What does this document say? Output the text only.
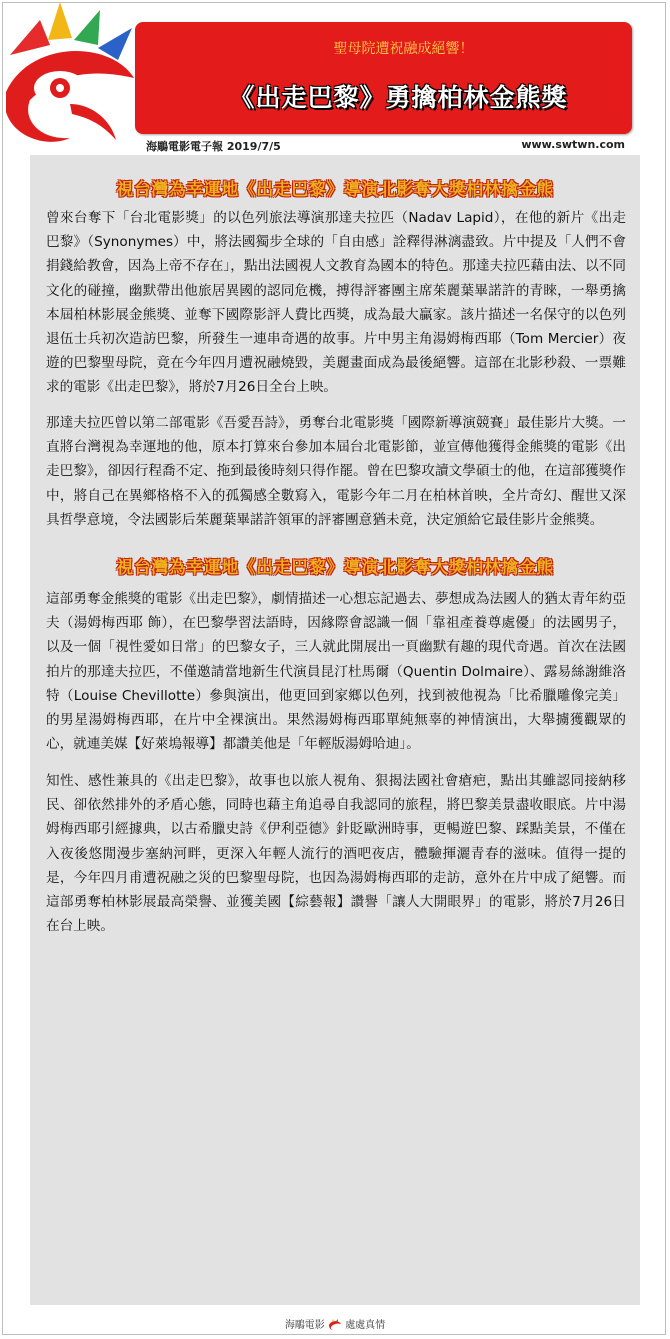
聖母院遭祝融成絕響！
《出走巴黎》勇擒柏林金熊獎
海鵰電影電子報 2019/7/5	www.swtwn.com
視台灣為幸運地《出走巴黎》導演北影奪大獎柏林擒金熊
曾來台奪下「台北電影獎」的以色列旅法導演那達夫拉匹（Nadav Lapid），在他的新片《出走巴黎》（Synonymes）中，將法國獨步全球的「自由感」詮釋得淋漓盡致。片中提及「人們不會捐錢給教會，因為上帝不存在」，點出法國視人文教育為國本的特色。那達夫拉匹藉由法、以不同文化的碰撞，幽默帶出他旅居異國的認同危機，搏得評審團主席茱麗葉畢諾許的青睞，一舉勇擒本屆柏林影展金熊獎、並奪下國際影評人費比西獎，成為最大贏家。該片描述一名保守的以色列退伍士兵初次造訪巴黎，所發生一連串奇遇的故事。片中男主角湯姆梅西耶（Tom Mercier）夜遊的巴黎聖母院，竟在今年四月遭祝融燒毀，美麗畫面成為最後絕響。這部在北影秒殺、一票難求的電影《出走巴黎》，將於7月26日全台上映。
那達夫拉匹曾以第二部電影《吾愛吾詩》，勇奪台北電影獎「國際新導演競賽」最佳影片大獎。一直將台灣視為幸運地的他，原本打算來台參加本屆台北電影節，並宣傳他獲得金熊獎的電影《出走巴黎》，卻因行程喬不定、拖到最後時刻只得作罷。曾在巴黎攻讀文學碩士的他，在這部獲獎作中，將自己在異鄉格格不入的孤獨感全數寫入，電影今年二月在柏林首映，全片奇幻、醒世又深具哲學意境，令法國影后茱麗葉畢諾許領軍的評審團意猶未竟，決定頒給它最佳影片金熊獎。
視台灣為幸運地《出走巴黎》導演北影奪大獎柏林擒金熊
這部勇奪金熊獎的電影《出走巴黎》，劇情描述一心想忘記過去、夢想成為法國人的猶太青年約亞夫（湯姆梅西耶 飾），在巴黎學習法語時，因緣際會認識一個「靠祖產養尊處優」的法國男子，以及一個「視性愛如日常」的巴黎女子，三人就此開展出一頁幽默有趣的現代奇遇。首次在法國拍片的那達夫拉匹，不僅邀請當地新生代演員昆汀杜馬爾（Quentin Dolmaire）、露易絲謝維洛特（Louise Chevillotte）參與演出，他更回到家鄉以色列，找到被他視為「比希臘雕像完美」的男星湯姆梅西耶，在片中全裸演出。果然湯姆梅西耶單純無辜的神情演出，大舉擄獲觀眾的心，就連美媒【好萊塢報導】都讚美他是「年輕版湯姆哈迪」。
知性、感性兼具的《出走巴黎》，故事也以旅人視角、狠揭法國社會瘡疤，點出其雖認同接納移民、卻依然排外的矛盾心態，同時也藉主角追尋自我認同的旅程，將巴黎美景盡收眼底。片中湯姆梅西耶引經據典，以古希臘史詩《伊利亞德》針貶歐洲時事，更暢遊巴黎、踩點美景，不僅在入夜後悠閒漫步塞納河畔，更深入年輕人流行的酒吧夜店，體驗揮灑青春的滋味。值得一提的是，今年四月甫遭祝融之災的巴黎聖母院，也因為湯姆梅西耶的走訪，意外在片中成了絕響。而這部勇奪柏林影展最高榮譽、並獲美國【綜藝報】讚譽「讓人大開眼界」的電影，將於7月26日在台上映。
海鵰電影 處處真情
